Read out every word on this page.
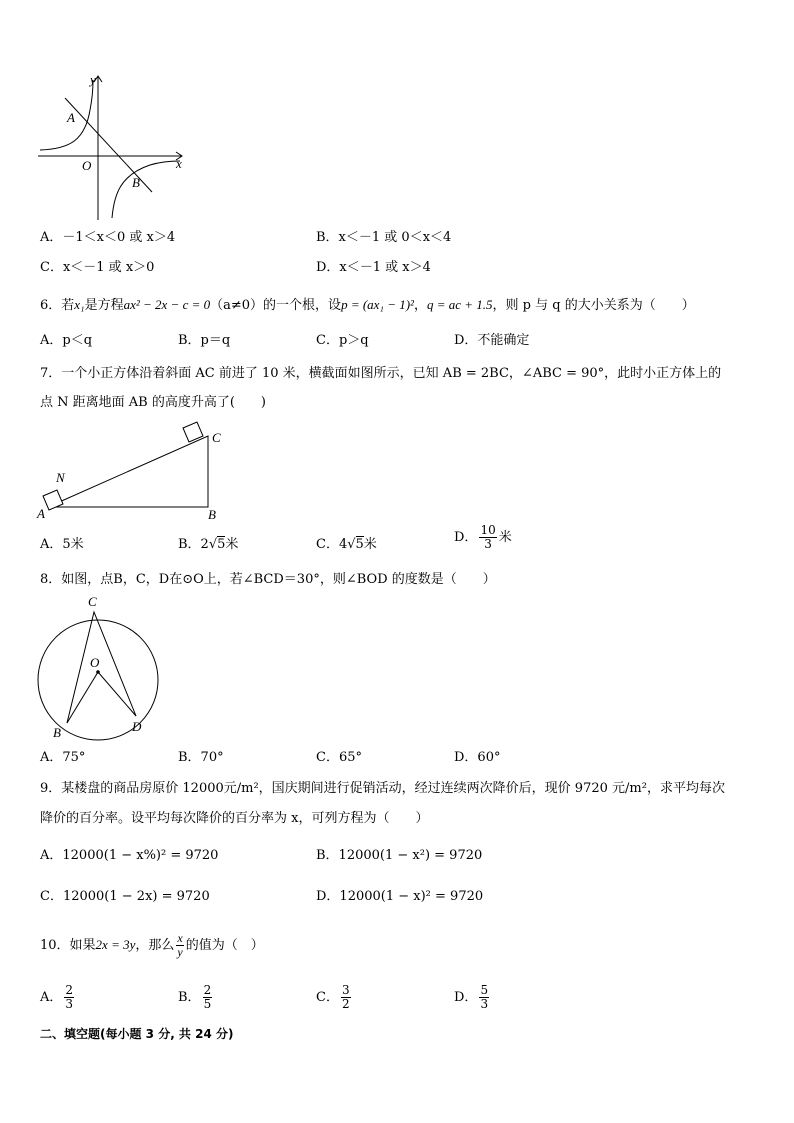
y
x
O
A
B
A．－1＜x＜0 或 x＞4	B．x＜－1 或 0＜x＜4
C．x＜－1 或 x＞0	D．x＜－1 或 x＞4
6．若x₁是方程ax² − 2x − c = 0（a≠0）的一个根，设p = (ax₁ − 1)²，q = ac + 1.5，则 p 与 q 的大小关系为（　　）
A．p＜q	B．p＝q	C．p＞q	D．不能确定
7．一个小正方体沿着斜面 AC 前进了 10 米，横截面如图所示，已知 AB = 2BC，∠ABC = 90°，此时小正方体上的
点 N 距离地面 AB 的高度升高了(　　)
N
A	B
C
A．5米	B．2√5米	C．4√5米	D． $\frac{10}{3}$ 米
8．如图，点B，C，D在⊙O上，若∠BCD＝30°，则∠BOD 的度数是（　　）
C
O
B	D
A．75°	B．70°	C．65°	D．60°
9．某楼盘的商品房原价 12000元/m²，国庆期间进行促销活动，经过连续两次降价后，现价 9720 元/m²，求平均每次
降价的百分率。设平均每次降价的百分率为 x，可列方程为（　　）
A．12000(1 − x%)² = 9720	B．12000(1 − x²) = 9720
C．12000(1 − 2x) = 9720	D．12000(1 − x)² = 9720
10．如果2x = 3y，那么 $\frac{x}{y}$ 的值为（　）
A． $\frac{2}{3}$	B． $\frac{2}{5}$	C． $\frac{3}{2}$	D． $\frac{5}{3}$
二、填空题(每小题 3 分, 共 24 分)
